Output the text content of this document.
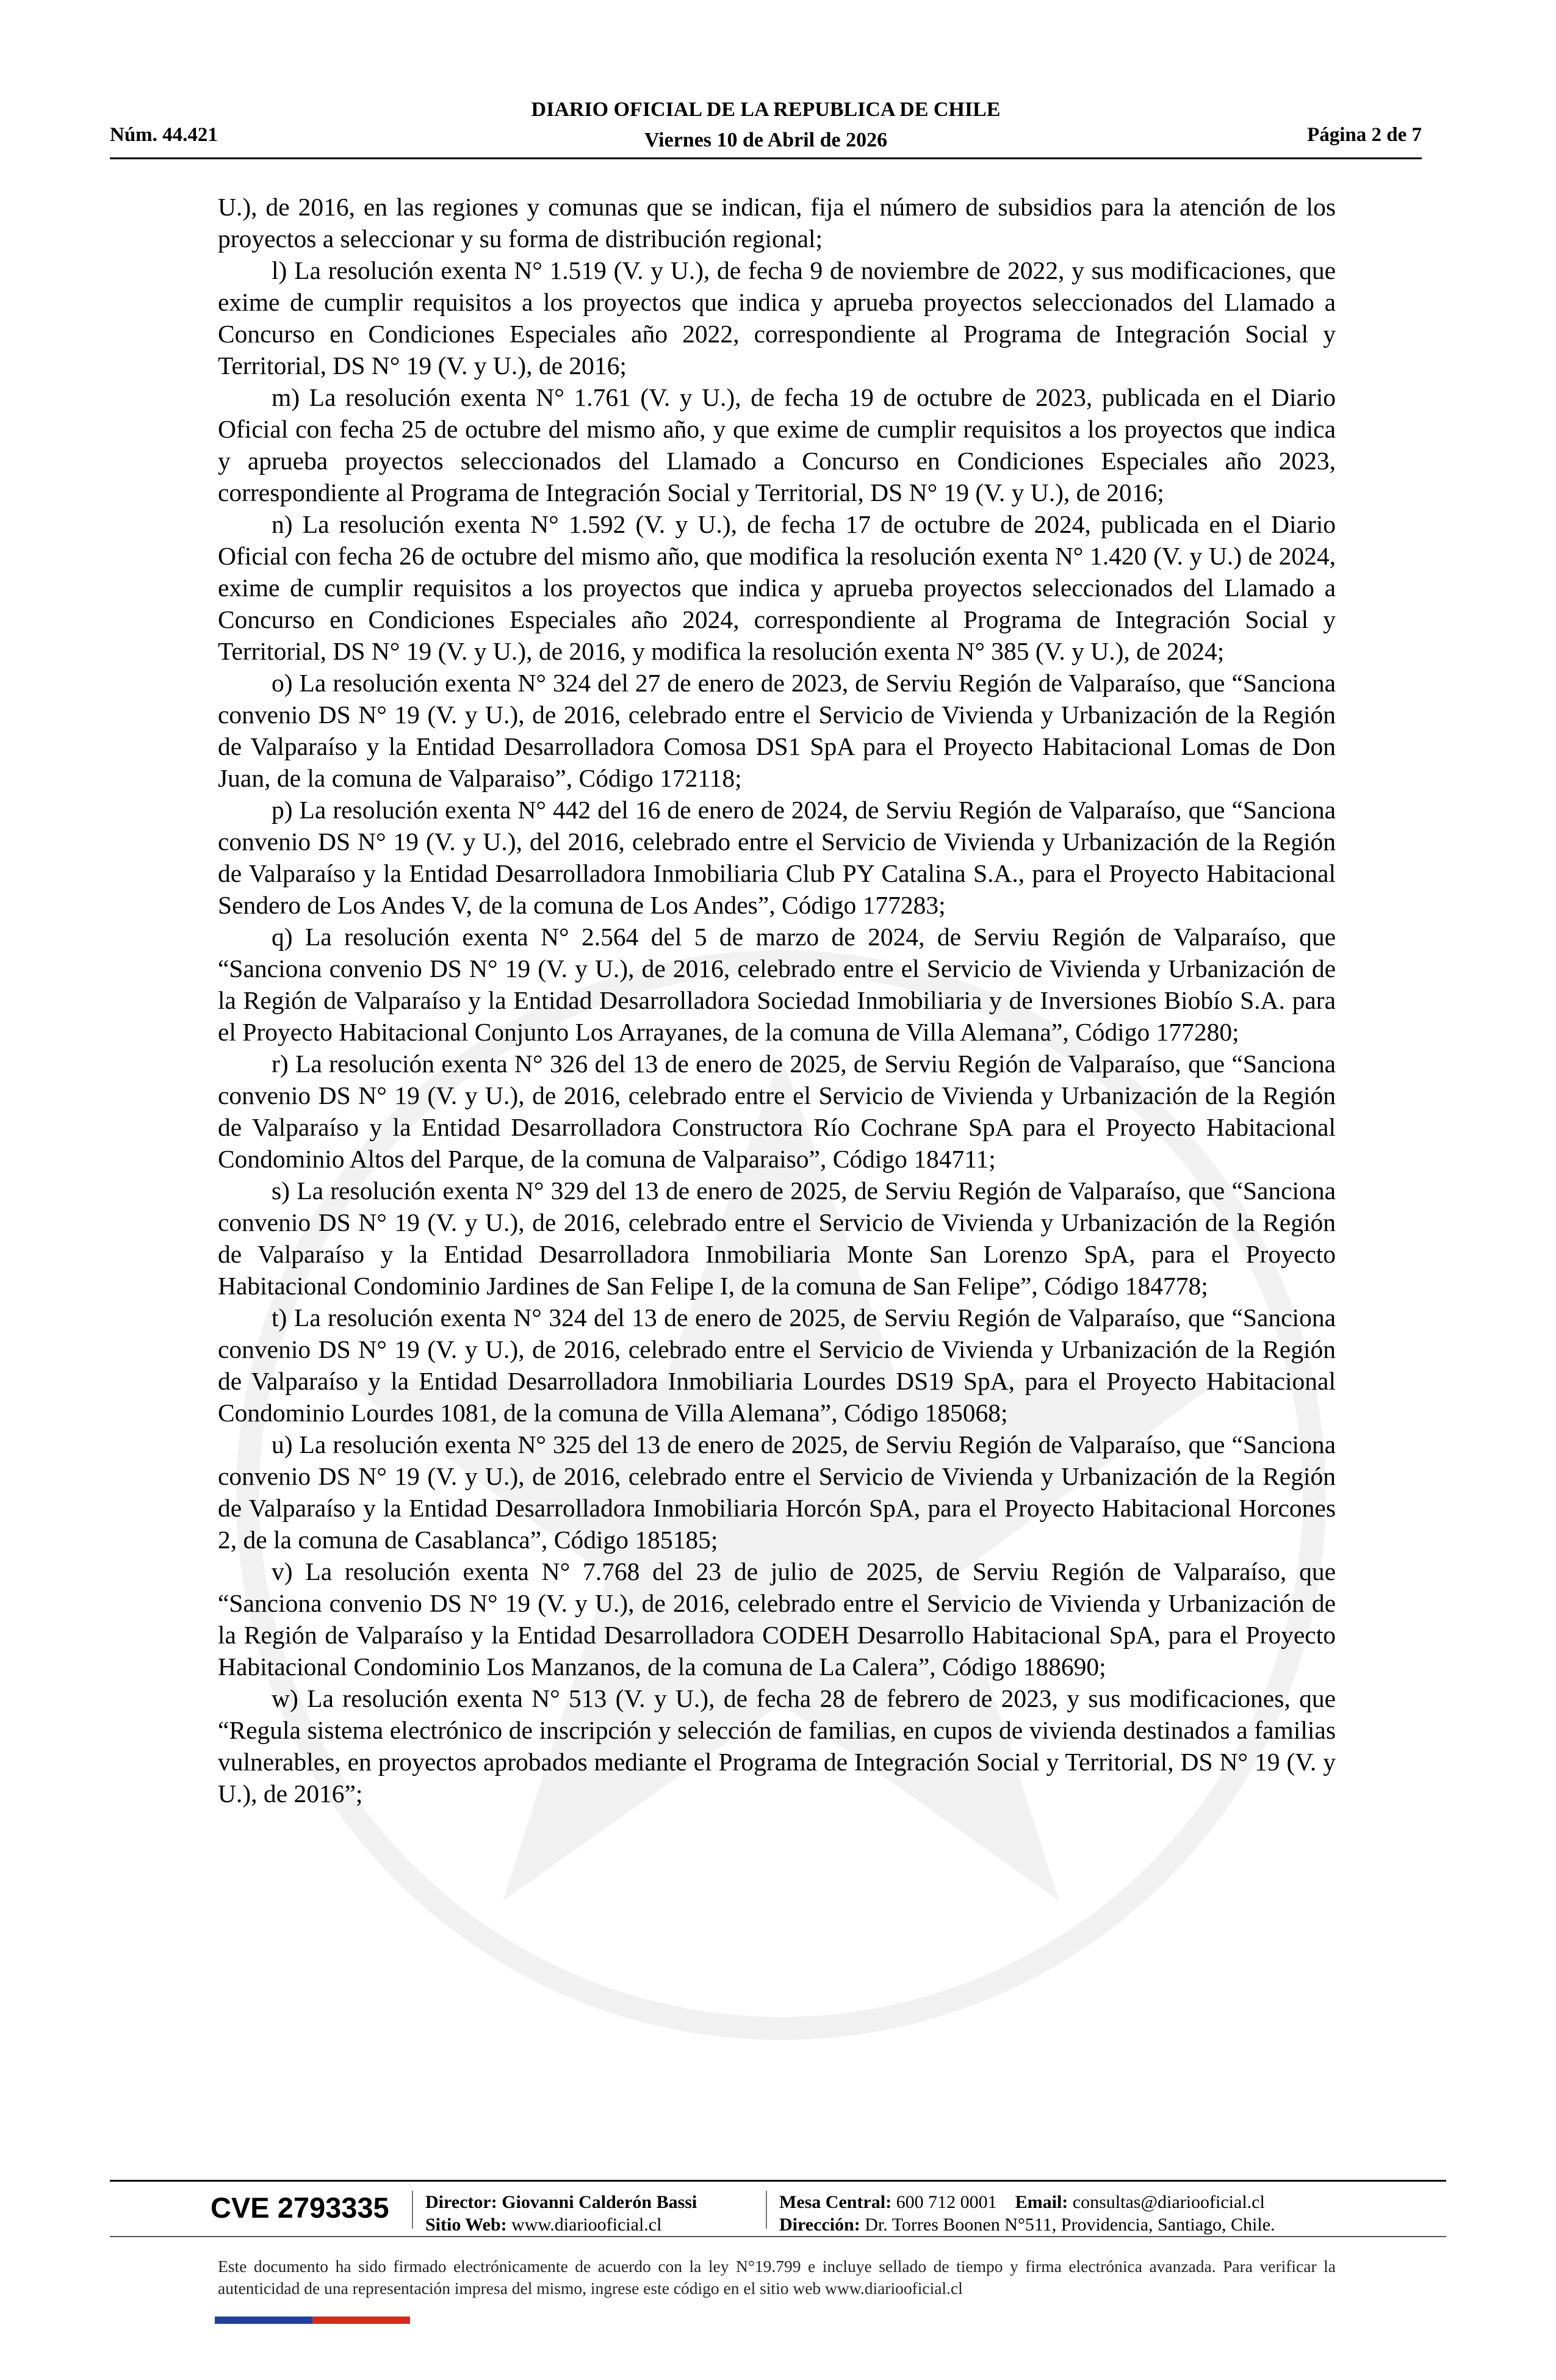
Núm. 44.421
DIARIO OFICIAL DE LA REPUBLICA DE CHILE
Viernes 10 de Abril de 2026	Página 2 de 7

U.), de 2016, en las regiones y comunas que se indican, fija el número de subsidios para la atención de los proyectos a seleccionar y su forma de distribución regional;

l) La resolución exenta N° 1.519 (V. y U.), de fecha 9 de noviembre de 2022, y sus modificaciones, que exime de cumplir requisitos a los proyectos que indica y aprueba proyectos seleccionados del Llamado a Concurso en Condiciones Especiales año 2022, correspondiente al Programa de Integración Social y Territorial, DS N° 19 (V. y U.), de 2016;

m) La resolución exenta N° 1.761 (V. y U.), de fecha 19 de octubre de 2023, publicada en el Diario Oficial con fecha 25 de octubre del mismo año, y que exime de cumplir requisitos a los proyectos que indica y aprueba proyectos seleccionados del Llamado a Concurso en Condiciones Especiales año 2023, correspondiente al Programa de Integración Social y Territorial, DS N° 19 (V. y U.), de 2016;

n) La resolución exenta N° 1.592 (V. y U.), de fecha 17 de octubre de 2024, publicada en el Diario Oficial con fecha 26 de octubre del mismo año, que modifica la resolución exenta N° 1.420 (V. y U.) de 2024, exime de cumplir requisitos a los proyectos que indica y aprueba proyectos seleccionados del Llamado a Concurso en Condiciones Especiales año 2024, correspondiente al Programa de Integración Social y Territorial, DS N° 19 (V. y U.), de 2016, y modifica la resolución exenta N° 385 (V. y U.), de 2024;

o) La resolución exenta N° 324 del 27 de enero de 2023, de Serviu Región de Valparaíso, que “Sanciona convenio DS N° 19 (V. y U.), de 2016, celebrado entre el Servicio de Vivienda y Urbanización de la Región de Valparaíso y la Entidad Desarrolladora Comosa DS1 SpA para el Proyecto Habitacional Lomas de Don Juan, de la comuna de Valparaiso”, Código 172118;

p) La resolución exenta N° 442 del 16 de enero de 2024, de Serviu Región de Valparaíso, que “Sanciona convenio DS N° 19 (V. y U.), del 2016, celebrado entre el Servicio de Vivienda y Urbanización de la Región de Valparaíso y la Entidad Desarrolladora Inmobiliaria Club PY Catalina S.A., para el Proyecto Habitacional Sendero de Los Andes V, de la comuna de Los Andes”, Código 177283;

q) La resolución exenta N° 2.564 del 5 de marzo de 2024, de Serviu Región de Valparaíso, que “Sanciona convenio DS N° 19 (V. y U.), de 2016, celebrado entre el Servicio de Vivienda y Urbanización de la Región de Valparaíso y la Entidad Desarrolladora Sociedad Inmobiliaria y de Inversiones Biobío S.A. para el Proyecto Habitacional Conjunto Los Arrayanes, de la comuna de Villa Alemana”, Código 177280;

r) La resolución exenta N° 326 del 13 de enero de 2025, de Serviu Región de Valparaíso, que “Sanciona convenio DS N° 19 (V. y U.), de 2016, celebrado entre el Servicio de Vivienda y Urbanización de la Región de Valparaíso y la Entidad Desarrolladora Constructora Río Cochrane SpA para el Proyecto Habitacional Condominio Altos del Parque, de la comuna de Valparaiso”, Código 184711;

s) La resolución exenta N° 329 del 13 de enero de 2025, de Serviu Región de Valparaíso, que “Sanciona convenio DS N° 19 (V. y U.), de 2016, celebrado entre el Servicio de Vivienda y Urbanización de la Región de Valparaíso y la Entidad Desarrolladora Inmobiliaria Monte San Lorenzo SpA, para el Proyecto Habitacional Condominio Jardines de San Felipe I, de la comuna de San Felipe”, Código 184778;

t) La resolución exenta N° 324 del 13 de enero de 2025, de Serviu Región de Valparaíso, que “Sanciona convenio DS N° 19 (V. y U.), de 2016, celebrado entre el Servicio de Vivienda y Urbanización de la Región de Valparaíso y la Entidad Desarrolladora Inmobiliaria Lourdes DS19 SpA, para el Proyecto Habitacional Condominio Lourdes 1081, de la comuna de Villa Alemana”, Código 185068;

u) La resolución exenta N° 325 del 13 de enero de 2025, de Serviu Región de Valparaíso, que “Sanciona convenio DS N° 19 (V. y U.), de 2016, celebrado entre el Servicio de Vivienda y Urbanización de la Región de Valparaíso y la Entidad Desarrolladora Inmobiliaria Horcón SpA, para el Proyecto Habitacional Horcones 2, de la comuna de Casablanca”, Código 185185;

v) La resolución exenta N° 7.768 del 23 de julio de 2025, de Serviu Región de Valparaíso, que “Sanciona convenio DS N° 19 (V. y U.), de 2016, celebrado entre el Servicio de Vivienda y Urbanización de la Región de Valparaíso y la Entidad Desarrolladora CODEH Desarrollo Habitacional SpA, para el Proyecto Habitacional Condominio Los Manzanos, de la comuna de La Calera”, Código 188690;

w) La resolución exenta N° 513 (V. y U.), de fecha 28 de febrero de 2023, y sus modificaciones, que “Regula sistema electrónico de inscripción y selección de familias, en cupos de vivienda destinados a familias vulnerables, en proyectos aprobados mediante el Programa de Integración Social y Territorial, DS N° 19 (V. y U.), de 2016”;

CVE 2793335 Director: Giovanni Calderón Bassi
Sitio Web: www.diariooficial.cl
Mesa Central: 600 712 0001 Email: consultas@diariooficial.cl
Dirección: Dr. Torres Boonen N°511, Providencia, Santiago, Chile.
Este documento ha sido firmado electrónicamente de acuerdo con la ley N°19.799 e incluye sellado de tiempo y firma electrónica avanzada. Para verificar la autenticidad de una representación impresa del mismo, ingrese este código en el sitio web www.diariooficial.cl
